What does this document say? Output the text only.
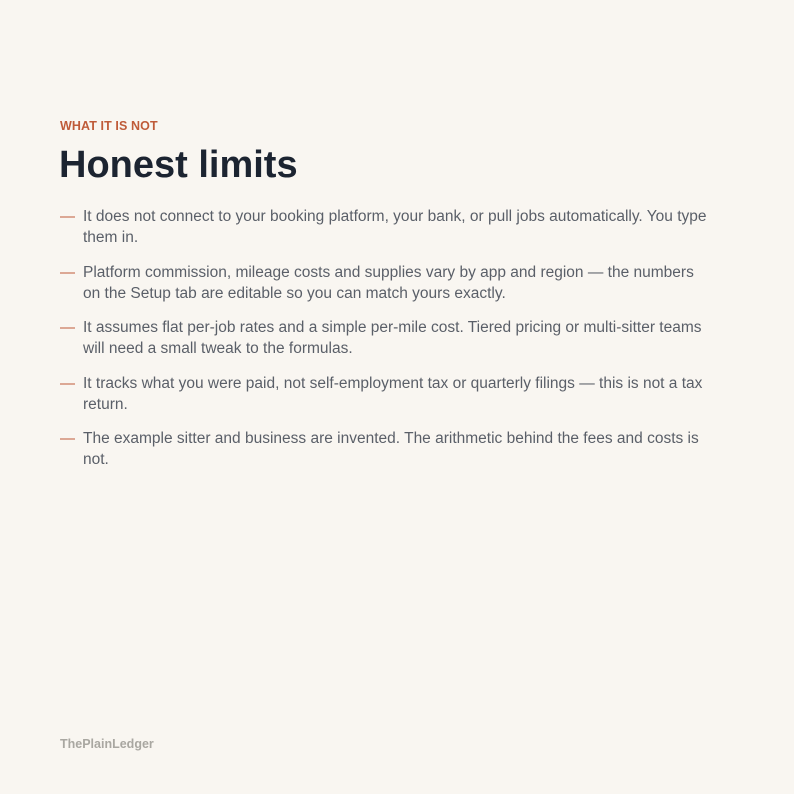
WHAT IT IS NOT
Honest limits
— It does not connect to your booking platform, your bank, or pull jobs automatically. You type them in.
— Platform commission, mileage costs and supplies vary by app and region — the numbers on the Setup tab are editable so you can match yours exactly.
— It assumes flat per-job rates and a simple per-mile cost. Tiered pricing or multi-sitter teams will need a small tweak to the formulas.
— It tracks what you were paid, not self-employment tax or quarterly filings — this is not a tax return.
— The example sitter and business are invented. The arithmetic behind the fees and costs is not.
ThePlainLedger
